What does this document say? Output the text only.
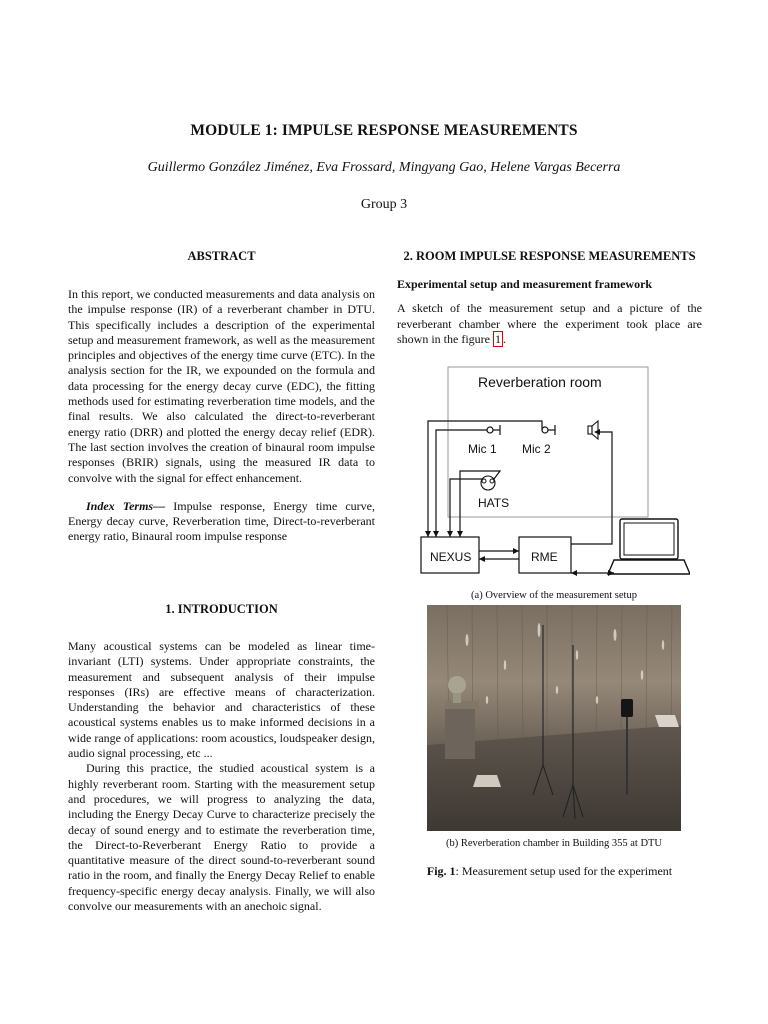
MODULE 1: IMPULSE RESPONSE MEASUREMENTS
Guillermo González Jiménez, Eva Frossard, Mingyang Gao, Helene Vargas Becerra
Group 3
ABSTRACT

In this report, we conducted measurements and data analysis on the impulse response (IR) of a reverberant chamber in DTU. This specifically includes a description of the experimental setup and measurement framework, as well as the measurement principles and objectives of the energy time curve (ETC). In the analysis section for the IR, we expounded on the formula and data processing for the energy decay curve (EDC), the fitting methods used for estimating reverberation time models, and the final results. We also calculated the direct-to-reverberant energy ratio (DRR) and plotted the energy decay relief (EDR). The last section involves the creation of binaural room impulse responses (BRIR) signals, using the measured IR data to convolve with the signal for effect enhancement.

Index Terms— Impulse response, Energy time curve, Energy decay curve, Reverberation time, Direct-to-reverberant energy ratio, Binaural room impulse response

1. INTRODUCTION

Many acoustical systems can be modeled as linear time-invariant (LTI) systems. Under appropriate constraints, the measurement and subsequent analysis of their impulse responses (IRs) are effective means of characterization. Understanding the behavior and characteristics of these acoustical systems enables us to make informed decisions in a wide range of applications: room acoustics, loudspeaker design, audio signal processing, etc ...

During this practice, the studied acoustical system is a highly reverberant room. Starting with the measurement setup and procedures, we will progress to analyzing the data, including the Energy Decay Curve to characterize precisely the decay of sound energy and to estimate the reverberation time, the Direct-to-Reverberant Energy Ratio to provide a quantitative measure of the direct sound-to-reverberant sound ratio in the room, and finally the Energy Decay Relief to enable frequency-specific energy decay analysis. Finally, we will also convolve our measurements with an anechoic signal.

2. ROOM IMPULSE RESPONSE MEASUREMENTS
Experimental setup and measurement framework

A sketch of the measurement setup and a picture of the reverberant chamber where the experiment took place are shown in the figure 1 .

Reverberation room
Mic 1 Mic 2
HATS
NEXUS	RME
(a) Overview of the measurement setup
(b) Reverberation chamber in Building 355 at DTU
Fig. 1: Measurement setup used for the experiment
